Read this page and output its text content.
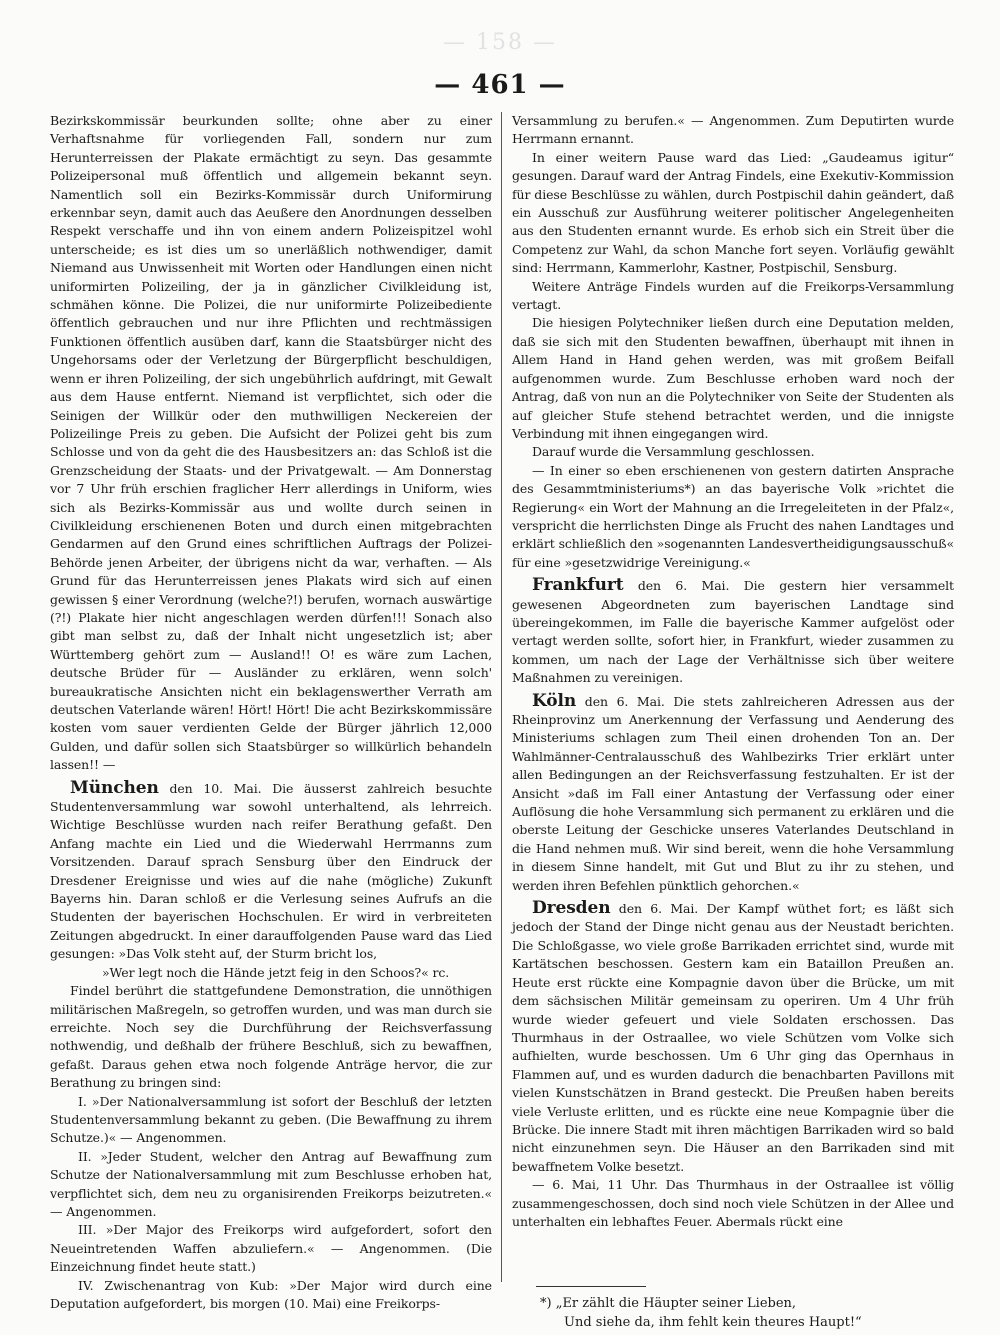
— 158 —
— 461 —

Bezirkskommissär beurkunden sollte; ohne aber zu einer Verhaftsnahme für vorliegenden Fall, sondern nur zum Herunterreissen der Plakate ermächtigt zu seyn. Das gesammte Polizeipersonal muß öffentlich und allgemein bekannt seyn. Namentlich soll ein Bezirks-Kommissär durch Uniformirung erkennbar seyn, damit auch das Aeußere den Anordnungen desselben Respekt verschaffe und ihn von einem andern Polizeispitzel wohl unterscheide; es ist dies um so unerläßlich nothwendiger, damit Niemand aus Unwissenheit mit Worten oder Handlungen einen nicht uniformirten Polizeiling, der ja in gänzlicher Civilkleidung ist, schmähen könne. Die Polizei, die nur uniformirte Polizeibediente öffentlich gebrauchen und nur ihre Pflichten und rechtmässigen Funktionen öffentlich ausüben darf, kann die Staatsbürger nicht des Ungehorsams oder der Verletzung der Bürgerpflicht beschuldigen, wenn er ihren Polizeiling, der sich ungebührlich aufdringt, mit Gewalt aus dem Hause entfernt. Niemand ist verpflichtet, sich oder die Seinigen der Willkür oder den muthwilligen Neckereien der Polizeilinge Preis zu geben. Die Aufsicht der Polizei geht bis zum Schlosse und von da geht die des Hausbesitzers an: das Schloß ist die Grenzscheidung der Staats- und der Privatgewalt. — Am Donnerstag vor 7 Uhr früh erschien fraglicher Herr allerdings in Uniform, wies sich als Bezirks-Kommissär aus und wollte durch seinen in Civilkleidung erschienenen Boten und durch einen mitgebrachten Gendarmen auf den Grund eines schriftlichen Auftrags der Polizei-Behörde jenen Arbeiter, der übrigens nicht da war, verhaften. — Als Grund für das Herunterreissen jenes Plakats wird sich auf einen gewissen § einer Verordnung (welche?!) berufen, wornach auswärtige (?!) Plakate hier nicht angeschlagen werden dürfen!!! Sonach also gibt man selbst zu, daß der Inhalt nicht ungesetzlich ist; aber Württemberg gehört zum — Ausland!! O! es wäre zum Lachen, deutsche Brüder für — Ausländer zu erklären, wenn solch' bureaukratische Ansichten nicht ein beklagenswerther Verrath am deutschen Vaterlande wären! Hört! Hört! Die acht Bezirkskommissäre kosten vom sauer verdienten Gelde der Bürger jährlich 12,000 Gulden, und dafür sollen sich Staatsbürger so willkürlich behandeln lassen!! —

München den 10. Mai. Die äusserst zahlreich besuchte Studentenversammlung war sowohl unterhaltend, als lehrreich. Wichtige Beschlüsse wurden nach reifer Berathung gefaßt. Den Anfang machte ein Lied und die Wiederwahl Herrmanns zum Vorsitzenden. Darauf sprach Sensburg über den Eindruck der Dresdener Ereignisse und wies auf die nahe (mögliche) Zukunft Bayerns hin. Daran schloß er die Verlesung seines Aufrufs an die Studenten der bayerischen Hochschulen. Er wird in verbreiteten Zeitungen abgedruckt. In einer darauffolgenden Pause ward das Lied gesungen: »Das Volk steht auf, der Sturm bricht los,

»Wer legt noch die Hände jetzt feig in den Schoos?« rc.

Findel berührt die stattgefundene Demonstration, die unnöthigen militärischen Maßregeln, so getroffen wurden, und was man durch sie erreichte. Noch sey die Durchführung der Reichsverfassung nothwendig, und deßhalb der frühere Beschluß, sich zu bewaffnen, gefaßt. Daraus gehen etwa noch folgende Anträge hervor, die zur Berathung zu bringen sind:

I. »Der Nationalversammlung ist sofort der Beschluß der letzten Studentenversammlung bekannt zu geben. (Die Bewaffnung zu ihrem Schutze.)« — Angenommen.

II. »Jeder Student, welcher den Antrag auf Bewaffnung zum Schutze der Nationalversammlung mit zum Beschlusse erhoben hat, verpflichtet sich, dem neu zu organisirenden Freikorps beizutreten.« — Angenommen.

III. »Der Major des Freikorps wird aufgefordert, sofort den Neueintretenden Waffen abzuliefern.« — Angenommen. (Die Einzeichnung findet heute statt.)

IV. Zwischenantrag von Kub: »Der Major wird durch eine Deputation aufgefordert, bis morgen (10. Mai) eine Freikorps-

Versammlung zu berufen.« — Angenommen. Zum Deputirten wurde Herrmann ernannt.

In einer weitern Pause ward das Lied: „Gaudeamus igitur“ gesungen. Darauf ward der Antrag Findels, eine Exekutiv-Kommission für diese Beschlüsse zu wählen, durch Postpischil dahin geändert, daß ein Ausschuß zur Ausführung weiterer politischer Angelegenheiten aus den Studenten ernannt wurde. Es erhob sich ein Streit über die Competenz zur Wahl, da schon Manche fort seyen. Vorläufig gewählt sind: Herrmann, Kammerlohr, Kastner, Postpischil, Sensburg.

Weitere Anträge Findels wurden auf die Freikorps-Versammlung vertagt.

Die hiesigen Polytechniker ließen durch eine Deputation melden, daß sie sich mit den Studenten bewaffnen, überhaupt mit ihnen in Allem Hand in Hand gehen werden, was mit großem Beifall aufgenommen wurde. Zum Beschlusse erhoben ward noch der Antrag, daß von nun an die Polytechniker von Seite der Studenten als auf gleicher Stufe stehend betrachtet werden, und die innigste Verbindung mit ihnen eingegangen wird.

Darauf wurde die Versammlung geschlossen.

— In einer so eben erschienenen von gestern datirten Ansprache des Gesammtministeriums*) an das bayerische Volk »richtet die Regierung« ein Wort der Mahnung an die Irregeleiteten in der Pfalz«, verspricht die herrlichsten Dinge als Frucht des nahen Landtages und erklärt schließlich den »sogenannten Landesvertheidigungsausschuß« für eine »gesetzwidrige Vereinigung.«

Frankfurt den 6. Mai. Die gestern hier versammelt gewesenen Abgeordneten zum bayerischen Landtage sind übereingekommen, im Falle die bayerische Kammer aufgelöst oder vertagt werden sollte, sofort hier, in Frankfurt, wieder zusammen zu kommen, um nach der Lage der Verhältnisse sich über weitere Maßnahmen zu vereinigen.

Köln den 6. Mai. Die stets zahlreicheren Adressen aus der Rheinprovinz um Anerkennung der Verfassung und Aenderung des Ministeriums schlagen zum Theil einen drohenden Ton an. Der Wahlmänner-Centralausschuß des Wahlbezirks Trier erklärt unter allen Bedingungen an der Reichsverfassung festzuhalten. Er ist der Ansicht »daß im Fall einer Antastung der Verfassung oder einer Auflösung die hohe Versammlung sich permanent zu erklären und die oberste Leitung der Geschicke unseres Vaterlandes Deutschland in die Hand nehmen muß. Wir sind bereit, wenn die hohe Versammlung in diesem Sinne handelt, mit Gut und Blut zu ihr zu stehen, und werden ihren Befehlen pünktlich gehorchen.«

Dresden den 6. Mai. Der Kampf wüthet fort; es läßt sich jedoch der Stand der Dinge nicht genau aus der Neustadt berichten. Die Schloßgasse, wo viele große Barrikaden errichtet sind, wurde mit Kartätschen beschossen. Gestern kam ein Bataillon Preußen an. Heute erst rückte eine Kompagnie davon über die Brücke, um mit dem sächsischen Militär gemeinsam zu operiren. Um 4 Uhr früh wurde wieder gefeuert und viele Soldaten erschossen. Das Thurmhaus in der Ostraallee, wo viele Schützen vom Volke sich aufhielten, wurde beschossen. Um 6 Uhr ging das Opernhaus in Flammen auf, und es wurden dadurch die benachbarten Pavillons mit vielen Kunstschätzen in Brand gesteckt. Die Preußen haben bereits viele Verluste erlitten, und es rückte eine neue Kompagnie über die Brücke. Die innere Stadt mit ihren mächtigen Barrikaden wird so bald nicht einzunehmen seyn. Die Häuser an den Barrikaden sind mit bewaffnetem Volke besetzt.

— 6. Mai, 11 Uhr. Das Thurmhaus in der Ostraallee ist völlig zusammengeschossen, doch sind noch viele Schützen in der Allee und unterhalten ein lebhaftes Feuer. Abermals rückt eine

*) „Er zählt die Häupter seiner Lieben,
Und siehe da, ihm fehlt kein theures Haupt!“
